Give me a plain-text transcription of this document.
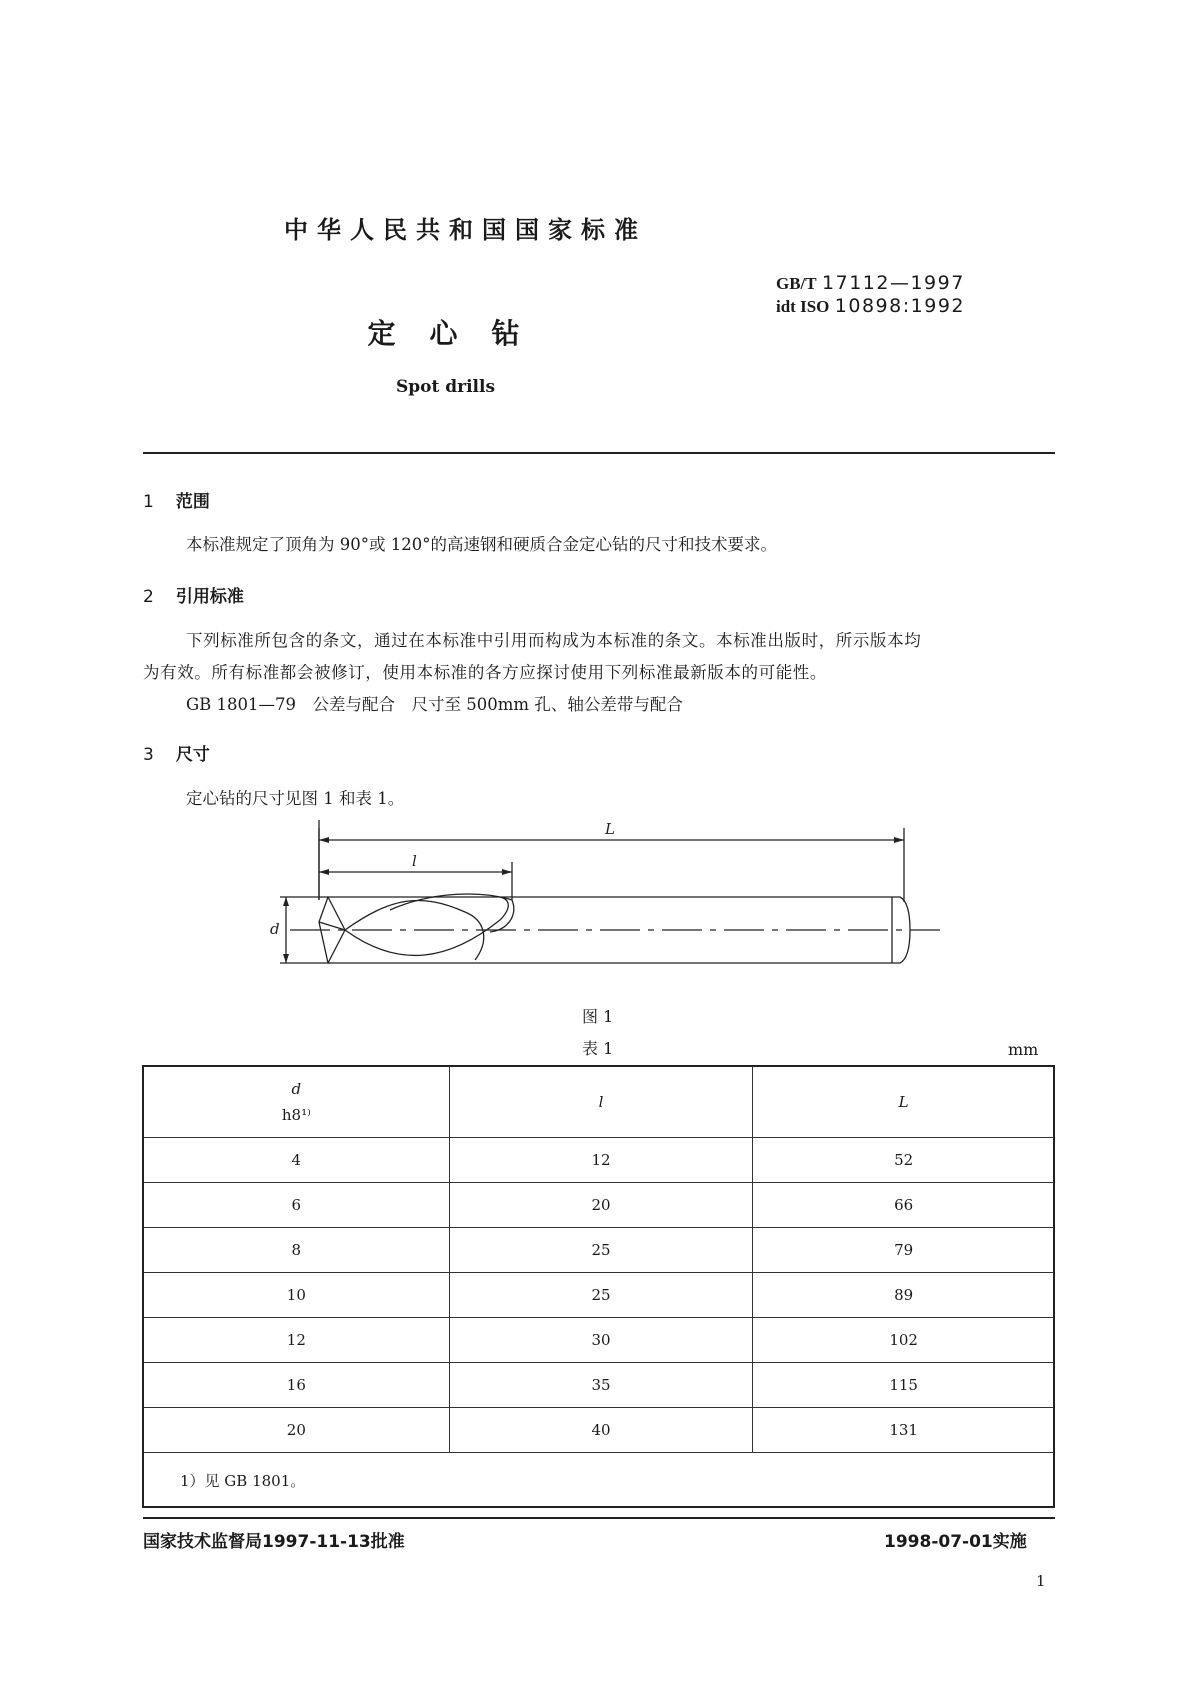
中华人民共和国国家标准
定心钻
Spot drills
GB/T 17112—1997
idt ISO 10898:1992
1 范围
本标准规定了顶角为 90°或 120°的高速钢和硬质合金定心钻的尺寸和技术要求。
2 引用标准
下列标准所包含的条文，通过在本标准中引用而构成为本标准的条文。本标准出版时，所示版本均
为有效。所有标准都会被修订，使用本标准的各方应探讨使用下列标准最新版本的可能性。
GB 1801—79　公差与配合　尺寸至 500mm 孔、轴公差带与配合
3 尺寸
定心钻的尺寸见图 1 和表 1。
L
l
d
图 1
表 1	mm
d
h8¹⁾	l	L
4	12	52
6	20	66
8	25	79
10	25	89
12	30	102
16	35	115
20	40	131
1）见 GB 1801。		
国家技术监督局1997-11-13批准	1998-07-01实施
1
